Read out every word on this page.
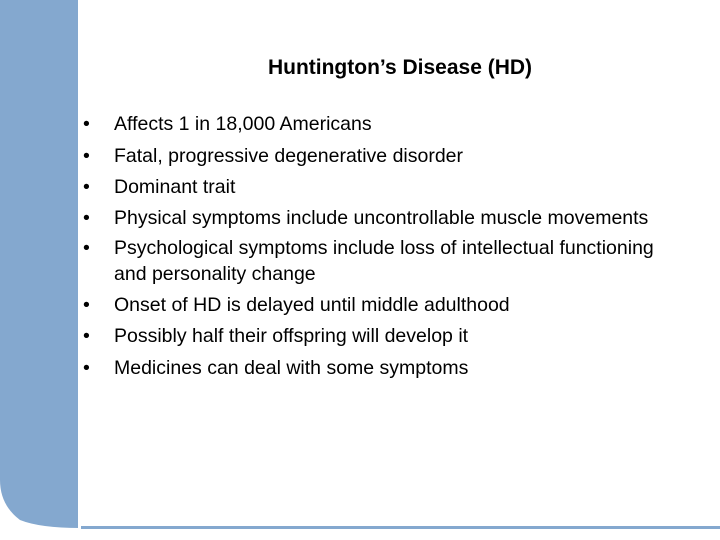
Huntington’s Disease (HD)
• Affects 1 in 18,000 Americans
• Fatal, progressive degenerative disorder
• Dominant trait
• Physical symptoms include uncontrollable muscle movements
• Psychological symptoms include loss of intellectual functioning and personality change
• Onset of HD is delayed until middle adulthood
• Possibly half their offspring will develop it
• Medicines can deal with some symptoms
